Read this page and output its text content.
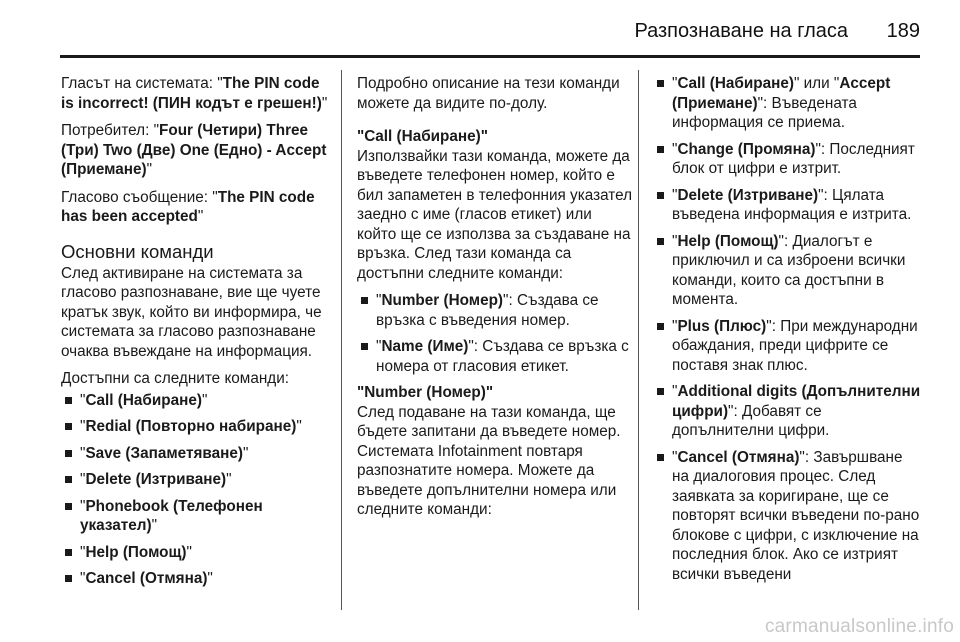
Разпознаване на гласа 189

Гласът на системата: "The PIN code is incorrect! (ПИН кодът е грешен!)"

Потребител: "Four (Четири) Three (Три) Two (Две) One (Едно) - Accept (Приемане)"

Гласово съобщение: "The PIN code has been accepted"

Основни команди

След активиране на системата за гласово разпознаване, вие ще чуете кратък звук, който ви информира, че системата за гласово разпознаване очаква въвеждане на информация.

Достъпни са следните команди:

"Call (Набиране)"
"Redial (Повторно набиране)"
"Save (Запаметяване)"
"Delete (Изтриване)"
"Phonebook (Телефонен указател)"
"Help (Помощ)"
"Cancel (Отмяна)"

Подробно описание на тези команди можете да видите по-долу.

"Call (Набиране)"

Използвайки тази команда, можете да въведете телефонен номер, който е бил запаметен в телефонния указател заедно с име (гласов етикет) или който ще се използва за създаване на връзка. След тази команда са достъпни следните команди:

"Number (Номер)": Създава се връзка с въведения номер.
"Name (Име)": Създава се връзка с номера от гласовия етикет.

"Number (Номер)"

След подаване на тази команда, ще бъдете запитани да въведете номер. Системата Infotainment повтаря разпознатите номера. Можете да въведете допълнителни номера или следните команди:

"Call (Набиране)" или "Accept (Приемане)": Въведената информация се приема.
"Change (Промяна)": Последният блок от цифри е изтрит.
"Delete (Изтриване)": Цялата въведена информация е изтрита.
"Help (Помощ)": Диалогът е приключил и са изброени всички команди, които са достъпни в момента.
"Plus (Плюс)": При международни обаждания, преди цифрите се поставя знак плюс.
"Additional digits (Допълнителни цифри)": Добавят се допълнителни цифри.
"Cancel (Отмяна)": Завършване на диалоговия процес. След заявката за коригиране, ще се повторят всички въведени по-рано блокове с цифри, с изключение на последния блок. Ако се изтрият всички въведени
carmanualsonline.info
